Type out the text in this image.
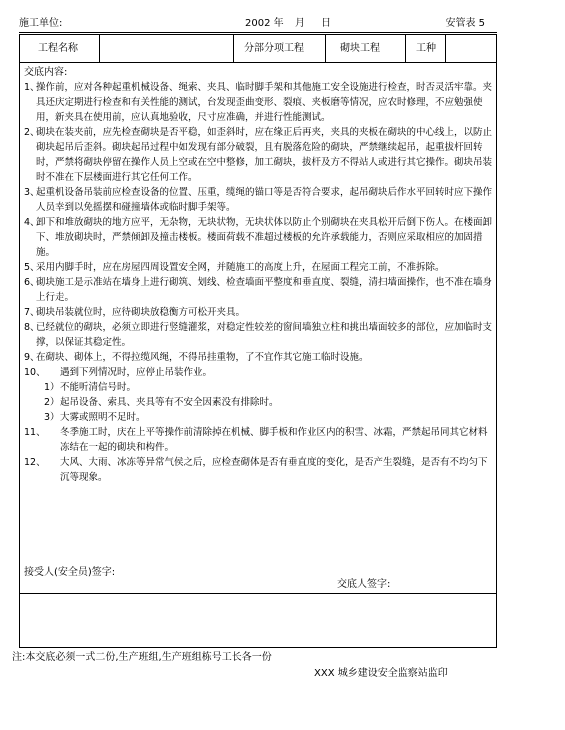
施工单位:	2002 年 月 日	安管表 5
工程名称	分部分项工程	砌块工程	工种
交底内容:
1、
操作前，应对各种起重机械设备、绳索、夹具、临时脚手架和其他施工安全设施进行检查，时否灵活牢靠。夹具还庆定期进行检查和有关性能的测试，台发现歪曲变形、裂痕、夹板磨等情况，应农时修理，不应勉强使用，新夹具在使用前，应认真地验收，尺寸应准确，并进行性能测试。
2、
砌块在装夹前，应先检查砌块是否平稳，如歪斜时，应在缘正后再夹，夹具的夹板在砌块的中心线上，以防止砌块起吊后歪斜。砌块起吊过程中如发现有部分破裂，且有脱落危险的砌块，严禁继续起吊，起重拔杆回转 时，严禁将砌块停留在操作人员上空或在空中整修，加工砌块，拔杆及方不得站人或进行其它操作。砌块吊装时不准在下层楼面进行其它任何工作。
3、
起重机设备吊装前应检查设备的位置、压重，缆绳的锚口等是否符合要求，起吊砌块后作水平回转时应下操作人员幸到以免摇摆和碰撞墙体或临时脚手架等。
4、
卸下和堆放砌块的地方应平，无杂物，无块状物，无块状体以防止个别砌块在夹具松开后倒下伤人。在楼面卸下、堆放砌块时，严禁倾卸及撞击楼板。楼面荷载不准超过楼板的允许承载能力，否则应采取相应的加固措施。
5、
采用内脚手时，应在房屋四周设置安全网，并随施工的高度上升，在屋面工程完工前，不准拆除。
6、
砌块施工是示准站在墙身上进行砌筑、划线、检查墙面平整度和垂直度、裂缝，清扫墙面操作，也不准在墙身上行走。
7、
砌块吊装就位时，应待砌块放稳衡方可松开夹具。
8、
已经就位的砌块，必须立即进行竖缝灌浆，对稳定性较差的窗间墙独立柱和挑出墙面较多的部位，应加临时支撑，以保证其稳定性。
9、
在砌块、砌体上，不得拉缆风绳，不得吊挂重物，了不宜作其它施工临时设施。
10、	遇到下列情况时，应停止吊装作业。
1） 不能听清信号时。
2） 起吊设备、索具、夹具等有不安全因素没有排除时。
3） 大雾或照明不足时。
11、	冬季施工时，庆在上平等操作前清除掉在机械、脚手板和作业区内的积雪、冰霜，严禁起吊同其它材料冻结在一起的砌块和构件。
12、	大风、大雨、冰冻等异常气侯之后，应检查砌体是否有垂直度的变化，是否产生裂缝，是否有不均匀下沉等现象。
交底人签字:
接受人(安全员)签字:
注:本交底必须一式二份,生产班组,生产班组栋号工长各一份
XXX 城乡建设安全监察站监印
